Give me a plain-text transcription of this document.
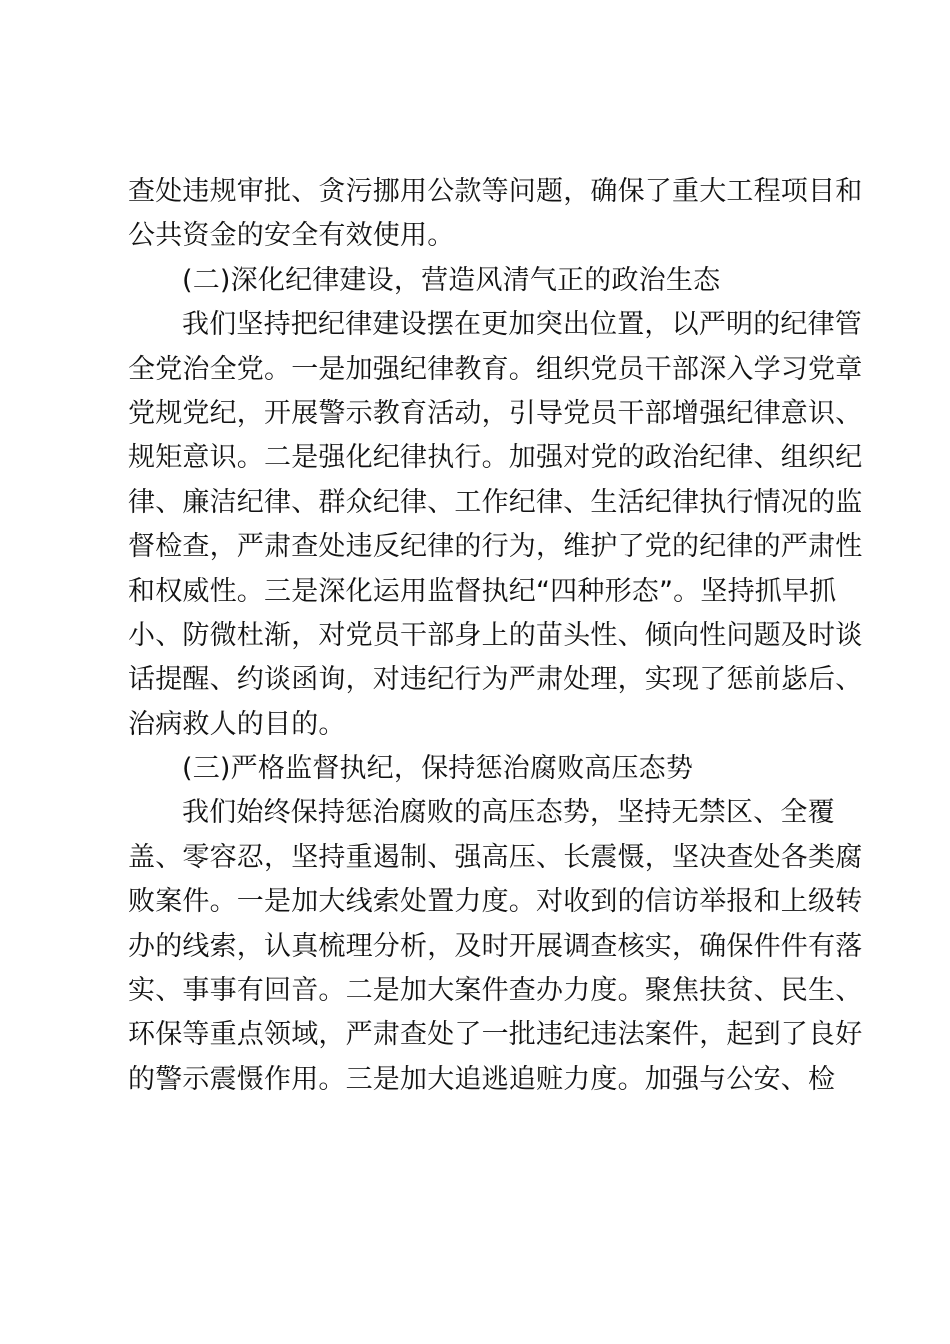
查处违规审批、贪污挪用公款等问题，确保了重大工程项目和
公共资金的安全有效使用。
(二)深化纪律建设，营造风清气正的政治生态
我们坚持把纪律建设摆在更加突出位置，以严明的纪律管
全党治全党。一是加强纪律教育。组织党员干部深入学习党章
党规党纪，开展警示教育活动，引导党员干部增强纪律意识、
规矩意识。二是强化纪律执行。加强对党的政治纪律、组织纪
律、廉洁纪律、群众纪律、工作纪律、生活纪律执行情况的监
督检查，严肃查处违反纪律的行为，维护了党的纪律的严肃性
和权威性。三是深化运用监督执纪“四种形态”。坚持抓早抓
小、防微杜渐，对党员干部身上的苗头性、倾向性问题及时谈
话提醒、约谈函询，对违纪行为严肃处理，实现了惩前毖后、
治病救人的目的。
(三)严格监督执纪，保持惩治腐败高压态势
我们始终保持惩治腐败的高压态势，坚持无禁区、全覆
盖、零容忍，坚持重遏制、强高压、长震慑，坚决查处各类腐
败案件。一是加大线索处置力度。对收到的信访举报和上级转
办的线索，认真梳理分析，及时开展调查核实，确保件件有落
实、事事有回音。二是加大案件查办力度。聚焦扶贫、民生、
环保等重点领域，严肃查处了一批违纪违法案件，起到了良好
的警示震慑作用。三是加大追逃追赃力度。加强与公安、检
